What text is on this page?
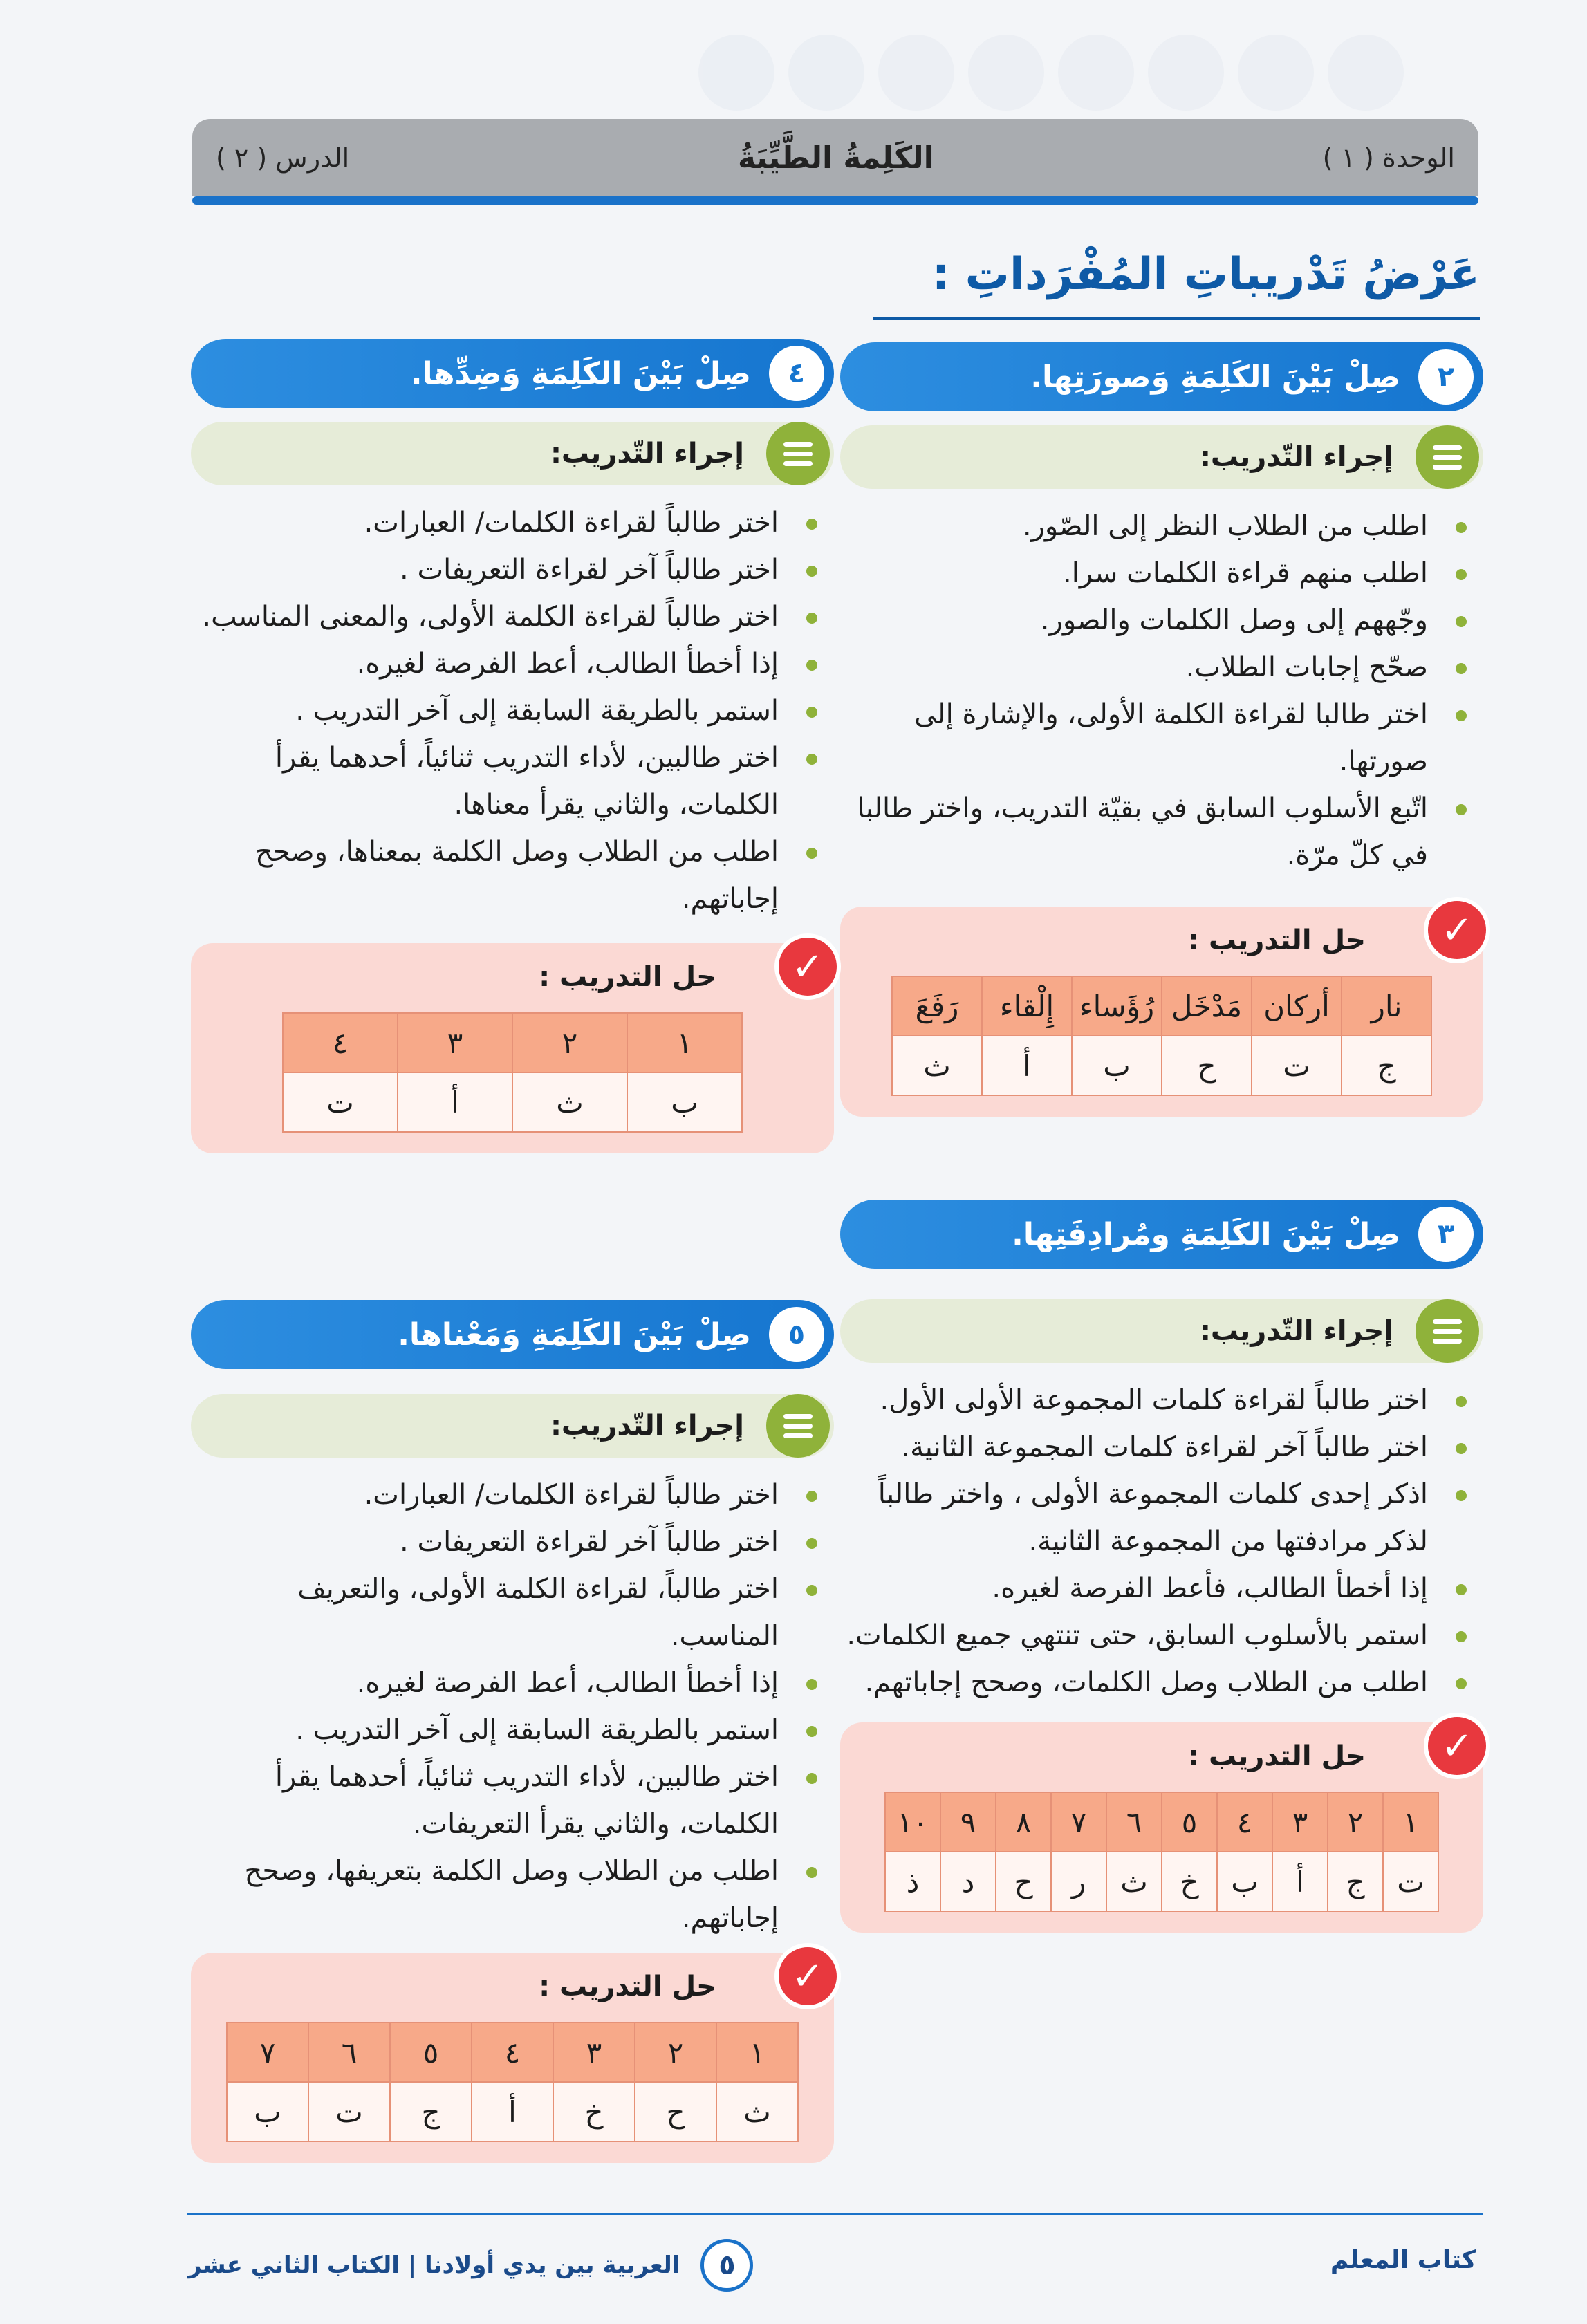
الوحدة ( ١ )
الكَلِمةُ الطَّيِّبَةُ
الدرس ( ٢ )
عَرْضُ تَدْريباتِ المُفْرَداتِ :
٢
صِلْ بَيْنَ الكَلِمَةِ وَصورَتِها.
إجراء التّدريب:
اطلب من الطلاب النظر إلى الصّور.
اطلب منهم قراءة الكلمات سرا.
وجّههم إلى وصل الكلمات والصور.
صحّح إجابات الطلاب.
اختر طالبا لقراءة الكلمة الأولى، والإشارة إلى صورتها.
اتّبع الأسلوب السابق في بقيّة التدريب، واختر طالبا في كلّ مرّة.
✓
حل التدريب :
نار	أركان	مَدْخَل	رُؤَساء	إِلْقاء	رَفَعَ
ج	ت	ح	ب	أ	ث
٣
صِلْ بَيْنَ الكَلِمَةِ ومُرادِفَتِها.
إجراء التّدريب:
اختر طالباً لقراءة كلمات المجموعة الأولى الأول.
اختر طالباً آخر لقراءة كلمات المجموعة الثانية.
اذكر إحدى كلمات المجموعة الأولى ، واختر طالباً لذكر مرادفتها من المجموعة الثانية.
إذا أخطأ الطالب، فأعط الفرصة لغيره.
استمر بالأسلوب السابق، حتى تنتهي جميع الكلمات.
اطلب من الطلاب وصل الكلمات، وصحح إجاباتهم.
✓
حل التدريب :
١	٢	٣	٤	٥	٦	٧	٨	٩	١٠
ت	ج	أ	ب	خ	ث	ر	ح	د	ذ
٤
صِلْ بَيْنَ الكَلِمَةِ وَضِدِّها.
إجراء التّدريب:
اختر طالباً لقراءة الكلمات/ العبارات.
اختر طالباً آخر لقراءة التعريفات .
اختر طالباً لقراءة الكلمة الأولى، والمعنى المناسب.
إذا أخطأ الطالب، أعط الفرصة لغيره.
استمر بالطريقة السابقة إلى آخر التدريب .
اختر طالبين، لأداء التدريب ثنائياً، أحدهما يقرأ الكلمات، والثاني يقرأ معناها.
اطلب من الطلاب وصل الكلمة بمعناها، وصحح إجاباتهم.
✓
حل التدريب :
١	٢	٣	٤
ب	ث	أ	ت
٥
صِلْ بَيْنَ الكَلِمَةِ وَمَعْناها.
إجراء التّدريب:
اختر طالباً لقراءة الكلمات/ العبارات.
اختر طالباً آخر لقراءة التعريفات .
اختر طالباً، لقراءة الكلمة الأولى، والتعريف المناسب.
إذا أخطأ الطالب، أعط الفرصة لغيره.
استمر بالطريقة السابقة إلى آخر التدريب .
اختر طالبين، لأداء التدريب ثنائياً، أحدهما يقرأ الكلمات، والثاني يقرأ التعريفات.
اطلب من الطلاب وصل الكلمة بتعريفها، وصحح إجاباتهم.
✓
حل التدريب :
١	٢	٣	٤	٥	٦	٧
ث	ح	خ	أ	ج	ت	ب
٥
العربية بين يدي أولادنا | الكتاب الثاني عشر	كتاب المعلم
